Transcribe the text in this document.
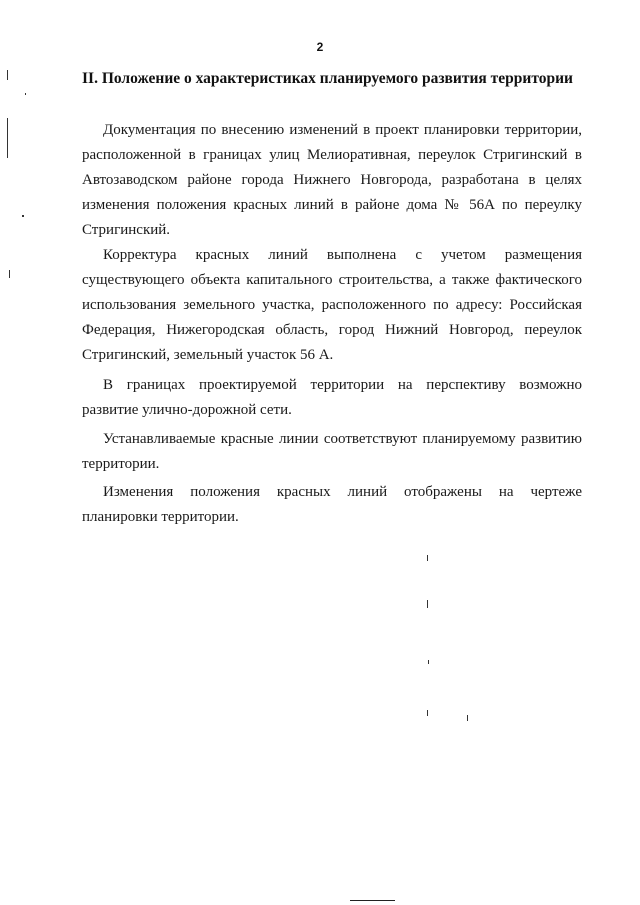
2
II. Положение о характеристиках планируемого развития территории

Документация по внесению изменений в проект планировки территории, расположенной в границах улиц Мелиоративная, переулок Стригинский в Автозаводском районе города Нижнего Новгорода, разработана в целях изменения положения красных линий в районе дома № 56А по переулку Стригинский.

Корректура красных линий выполнена с учетом размещения существующего объекта капитального строительства, а также фактического использования земельного участка, расположенного по адресу: Российская Федерация, Нижегородская область, город Нижний Новгород, переулок Стригинский, земельный участок 56 А.

В границах проектируемой территории на перспективу возможно развитие улично-дорожной сети.

Устанавливаемые красные линии соответствуют планируемому развитию территории.

Изменения положения красных линий отображены на чертеже планировки территории.
